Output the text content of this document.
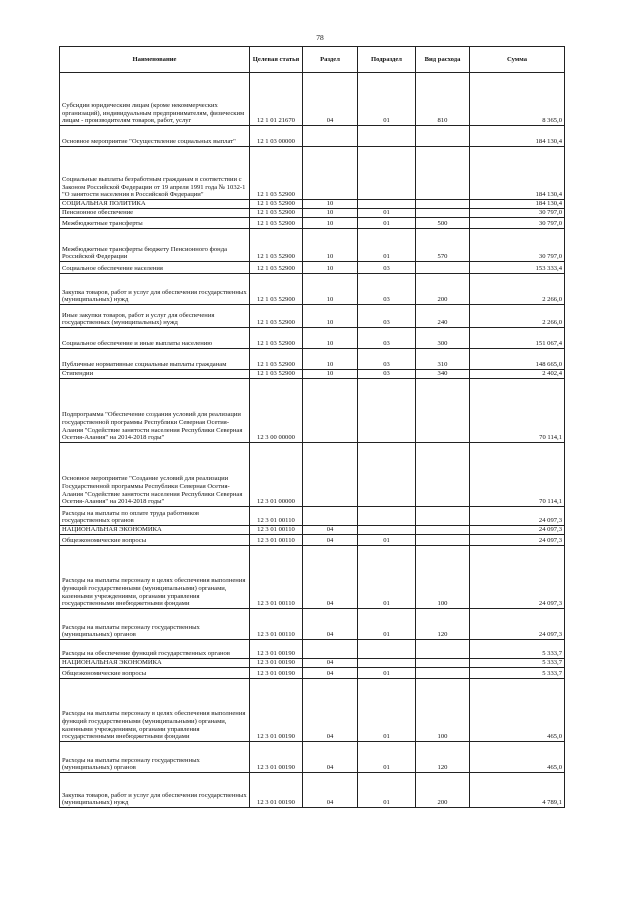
78
Наименование	Целевая статья	Раздел	Подраздел	Вид расхода	Сумма
Субсидии юридическим лицам (кроме некоммерческих организаций), индивидуальным предпринимателям, физическим лицам - производителям товаров, работ, услуг	12 1 01 21670	04	01	810	8 365,0
Основное мероприятие "Осуществление социальных выплат"	12 1 03 00000				184 130,4
Социальные выплаты безработным гражданам в соответствии с Законом Российской Федерации от 19 апреля 1991 года № 1032-1 "О занятости населения в Российской Федерации"	12 1 03 52900				184 130,4
СОЦИАЛЬНАЯ ПОЛИТИКА	12 1 03 52900	10			184 130,4
Пенсионное обеспечение	12 1 03 52900	10	01		30 797,0
Межбюджетные трансферты	12 1 03 52900	10	01	500	30 797,0
Межбюджетные трансферты бюджету Пенсионного фонда Российской Федерации	12 1 03 52900	10	01	570	30 797,0
Социальное обеспечение населения	12 1 03 52900	10	03		153 333,4
Закупка товаров, работ и услуг для обеспечения государственных (муниципальных) нужд	12 1 03 52900	10	03	200	2 266,0
Иные закупки товаров, работ и услуг для обеспечения государственных (муниципальных) нужд	12 1 03 52900	10	03	240	2 266,0
Социальное обеспечение и иные выплаты населению	12 1 03 52900	10	03	300	151 067,4
Публичные нормативные социальные выплаты гражданам	12 1 03 52900	10	03	310	148 665,0
Стипендии	12 1 03 52900	10	03	340	2 402,4
Подпрограмма "Обеспечение создания условий для реализации государственной программы Республики Северная Осетия-Алания "Содействие занятости населения Республики Северная Осетия-Алания" на 2014-2018 годы"	12 3 00 00000				70 114,1
Основное мероприятие "Создание условий для реализации Государственной программы Республики Северная Осетия-Алания "Содействие занятости населения Республики Северная Осетия-Алания" на 2014-2018 годы"	12 3 01 00000				70 114,1
Расходы на выплаты по оплате труда работников государственных органов	12 3 01 00110				24 097,3
НАЦИОНАЛЬНАЯ ЭКОНОМИКА	12 3 01 00110	04			24 097,3
Общеэкономические вопросы	12 3 01 00110	04	01		24 097,3
Расходы на выплаты персоналу в целях обеспечения выполнения функций государственными (муниципальными) органами, казенными учреждениями, органами управления государственными внебюджетными фондами	12 3 01 00110	04	01	100	24 097,3
Расходы на выплаты персоналу государственных (муниципальных) органов	12 3 01 00110	04	01	120	24 097,3
Расходы на обеспечение функций государственных органов	12 3 01 00190				5 333,7
НАЦИОНАЛЬНАЯ ЭКОНОМИКА	12 3 01 00190	04			5 333,7
Общеэкономические вопросы	12 3 01 00190	04	01		5 333,7
Расходы на выплаты персоналу в целях обеспечения выполнения функций государственными (муниципальными) органами, казенными учреждениями, органами управления государственными внебюджетными фондами	12 3 01 00190	04	01	100	465,0
Расходы на выплаты персоналу государственных (муниципальных) органов	12 3 01 00190	04	01	120	465,0
Закупка товаров, работ и услуг для обеспечения государственных (муниципальных) нужд	12 3 01 00190	04	01	200	4 789,1
